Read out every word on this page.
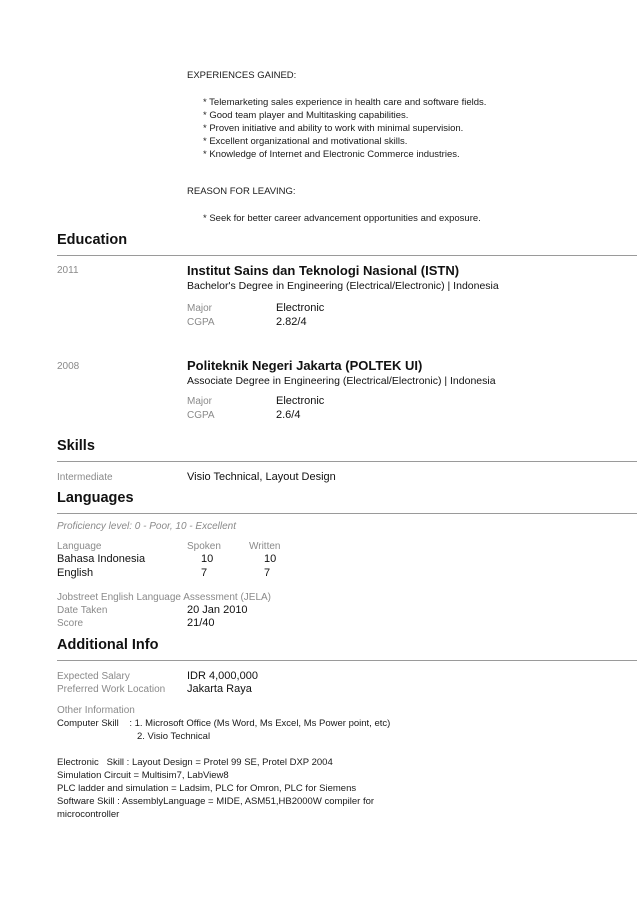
EXPERIENCES GAINED:
* Telemarketing sales experience in health care and software fields.
* Good team player and Multitasking capabilities.
* Proven initiative and ability to work with minimal supervision.
* Excellent organizational and motivational skills.
* Knowledge of Internet and Electronic Commerce industries.
REASON FOR LEAVING:
* Seek for better career advancement opportunities and exposure.
Education
2011	Institut Sains dan Teknologi Nasional (ISTN)
Bachelor's Degree in Engineering (Electrical/Electronic) | Indonesia
Major	Electronic
CGPA	2.82/4
2008	Politeknik Negeri Jakarta (POLTEK UI)
Associate Degree in Engineering (Electrical/Electronic) | Indonesia
Major	Electronic
CGPA	2.6/4
Skills
Intermediate	Visio Technical, Layout Design
Languages
Proficiency level: 0 - Poor, 10 - Excellent
Language	Spoken	Written
Bahasa Indonesia	10	10
English	7	7
Jobstreet English Language Assessment (JELA)
Date Taken	20 Jan 2010
Score	21/40
Additional Info
Expected Salary	IDR 4,000,000
Preferred Work Location Jakarta Raya
Other Information
Computer Skill    : 1. Microsoft Office (Ms Word, Ms Excel, Ms Power point, etc)
2. Visio Technical
Electronic   Skill : Layout Design = Protel 99 SE, Protel DXP 2004
Simulation Circuit = Multisim7, LabView8
PLC ladder and simulation = Ladsim, PLC for Omron, PLC for Siemens
Software Skill : AssemblyLanguage = MIDE, ASM51,HB2000W compiler for
microcontroller
